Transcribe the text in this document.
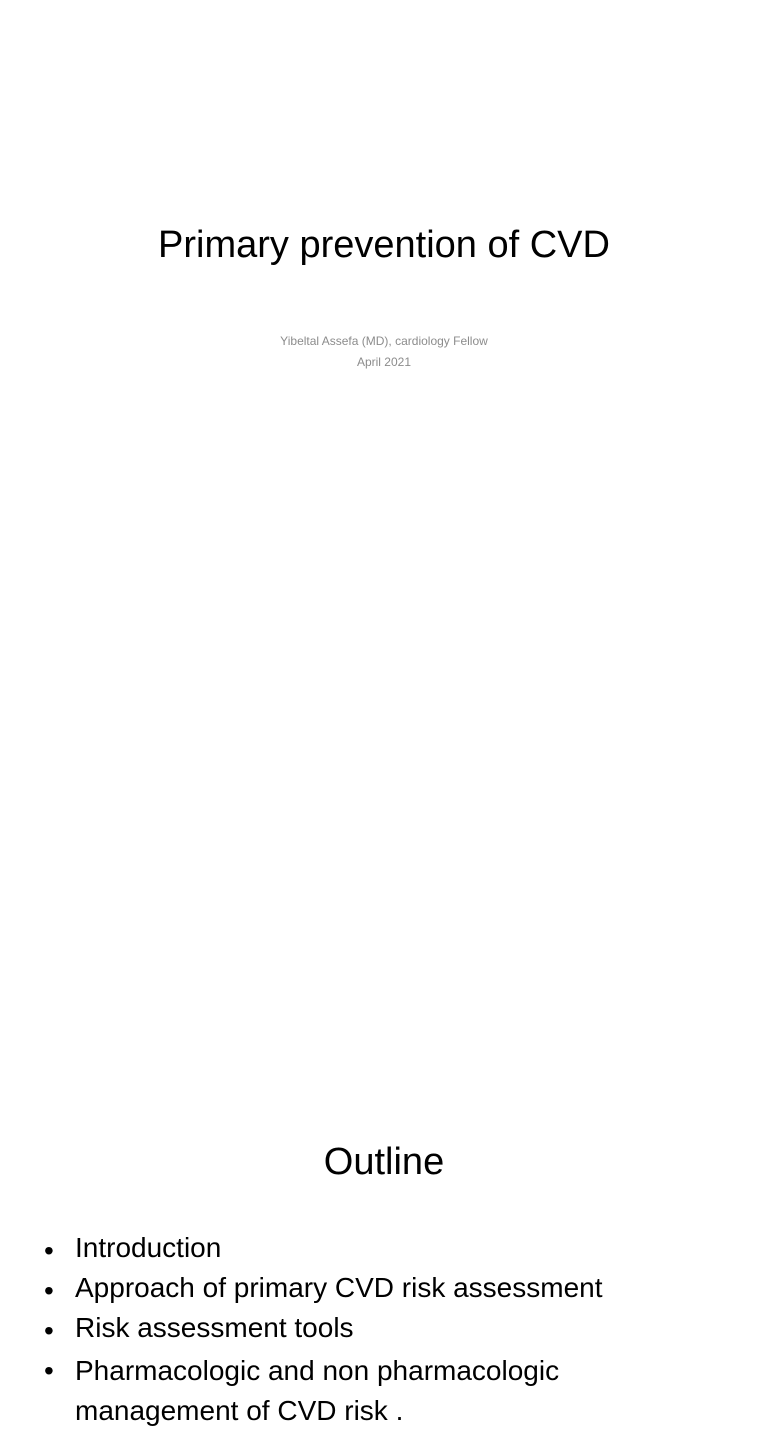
Primary prevention of CVD
Yibeltal Assefa (MD), cardiology Fellow
April 2021
Outline
• Introduction
• Approach of primary CVD risk assessment
• Risk assessment tools
• Pharmacologic and non pharmacologic
management of CVD risk .
